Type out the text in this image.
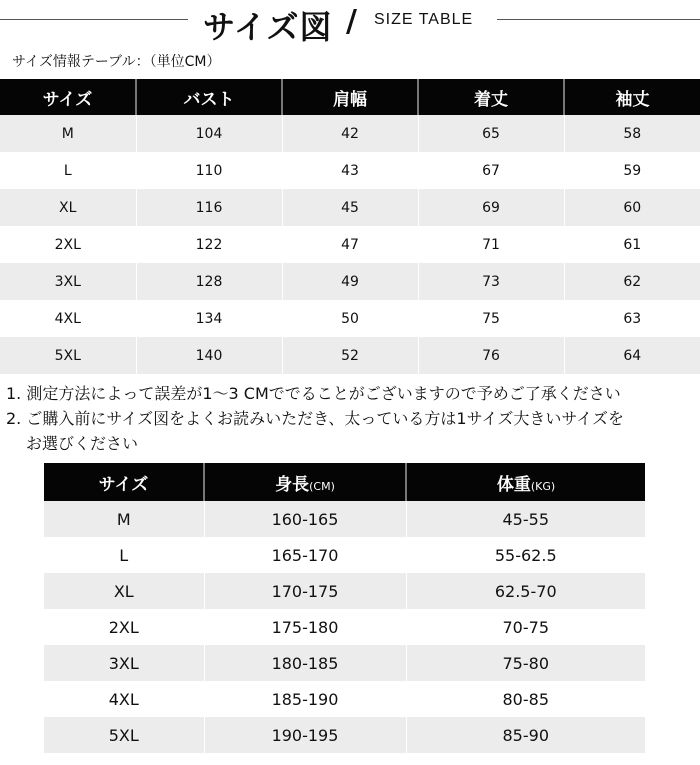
サイズ図 / SIZE TABLE
サイズ情報テーブル：（単位CM）
サイズ	バスト	肩幅	着丈	袖丈
M	104	42	65	58
L	110	43	67	59
XL	116	45	69	60
2XL	122	47	71	61
3XL	128	49	73	62
4XL	134	50	75	63
5XL	140	52	76	64
1. 測定方法によって誤差が1～3 CMででることがございますので予めご了承ください
2. ご購入前にサイズ図をよくお読みいただき、太っている方は1サイズ大きいサイズを
お選びください
サイズ	身長(CM)	体重(KG)
M	160-165	45-55
L	165-170	55-62.5
XL	170-175	62.5-70
2XL	175-180	70-75
3XL	180-185	75-80
4XL	185-190	80-85
5XL	190-195	85-90
